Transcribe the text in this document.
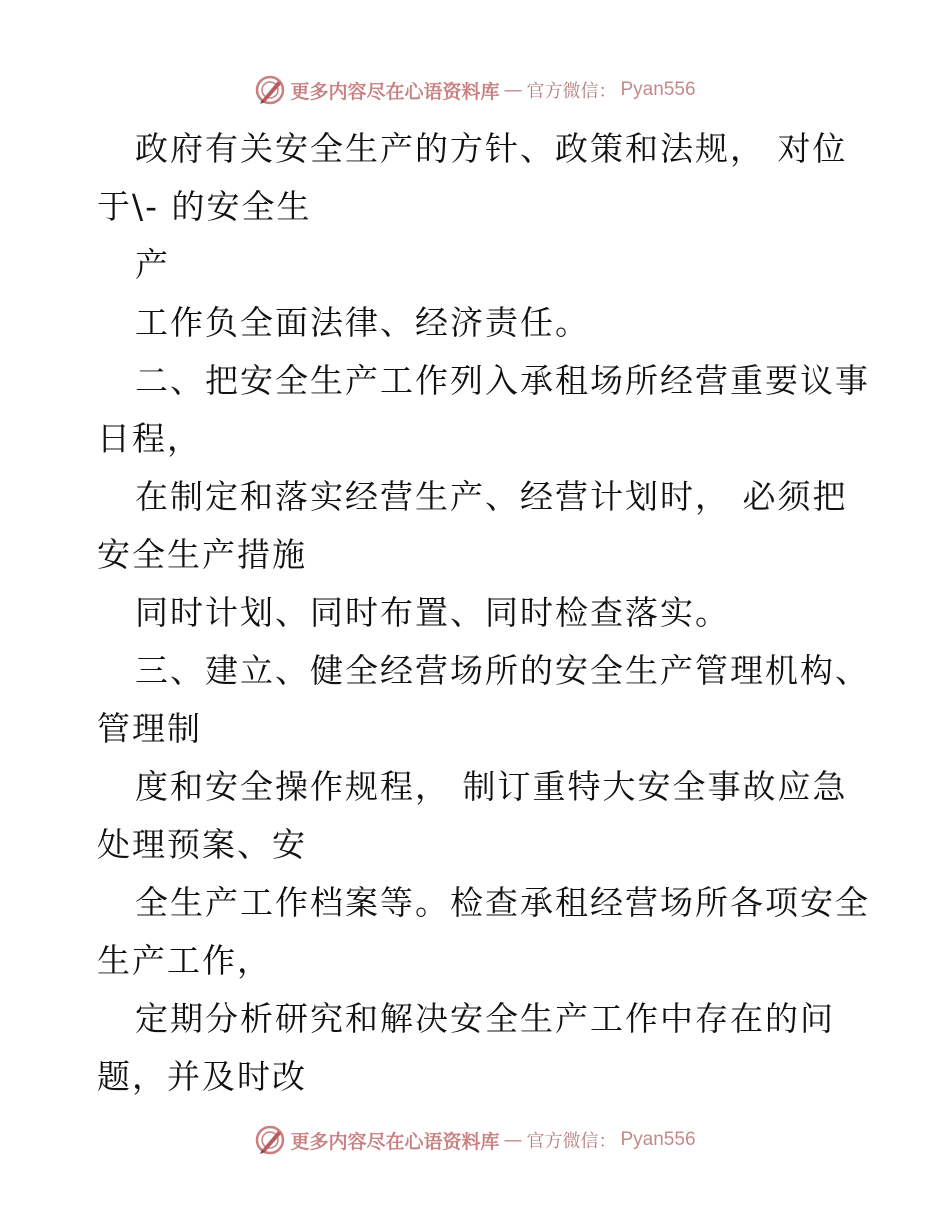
更多内容尽在心语资料库 — 官方微信： Pyan556
政府有关安全生产的方针、政策和法规， 对位
于\- 的安全生
产
工作负全面法律、经济责任。
二、把安全生产工作列入承租场所经营重要议事
日程，
在制定和落实经营生产、经营计划时， 必须把
安全生产措施
同时计划、同时布置、同时检查落实。
三、建立、健全经营场所的安全生产管理机构、
管理制
度和安全操作规程， 制订重特大安全事故应急
处理预案、安
全生产工作档案等。检查承租经营场所各项安全
生产工作，
定期分析研究和解决安全生产工作中存在的问
题，并及时改
更多内容尽在心语资料库 — 官方微信： Pyan556
